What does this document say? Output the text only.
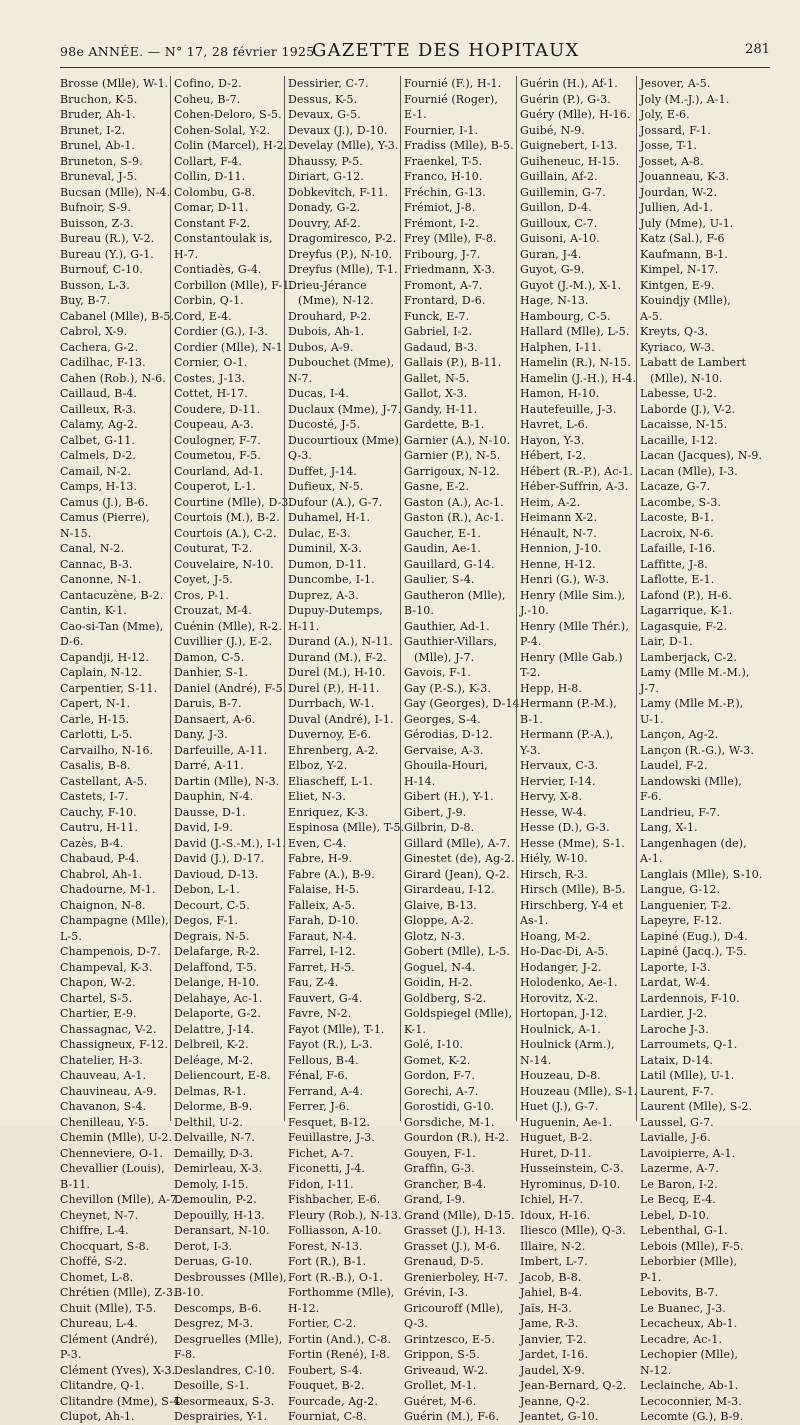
98e ANNÉE. — N° 17, 28 février 1925.
GAZETTE DES HOPITAUX	281
Brosse (Mlle), W-1.
Bruchon, K-5.
Bruder, Ah-1.
Brunet, I-2.
Brunel, Ab-1.
Bruneton, S-9.
Bruneval, J-5.
Bucsan (Mlle), N-4.
Bufnoir, S-9.
Buisson, Z-3.
Bureau (R.), V-2.
Bureau (Y.), G-1.
Burnouf, C-10.
Busson, L-3.
Buy, B-7.
Cabanel (Mlle), B-5.
Cabrol, X-9.
Cachera, G-2.
Cadilhac, F-13.
Cahen (Rob.), N-6.
Caillaud, B-4.
Cailleux, R-3.
Calamy, Ag-2.
Calbet, G-11.
Calmels, D-2.
Camail, N-2.
Camps, H-13.
Camus (J.), B-6.
Camus (Pierre),
N-15.
Canal, N-2.
Cannac, B-3.
Canonne, N-1.
Cantacuzène, B-2.
Cantin, K-1.
Cao-si-Tan (Mme),
D-6.
Capandji, H-12.
Caplain, N-12.
Carpentier, S-11.
Capert, N-1.
Carle, H-15.
Carlotti, L-5.
Carvailho, N-16.
Casalis, B-8.
Castellant, A-5.
Castets, I-7.
Cauchy, F-10.
Cautru, H-11.
Cazès, B-4.
Chabaud, P-4.
Chabrol, Ah-1.
Chadourne, M-1.
Chaignon, N-8.
Champagne (Mlle),
L-5.
Champenois, D-7.
Champeval, K-3.
Chapon, W-2.
Chartel, S-5.
Chartier, E-9.
Chassagnac, V-2.
Chassigneux, F-12.
Chatelier, H-3.
Chauveau, A-1.
Chauvineau, A-9.
Chavanon, S-4.
Chenilleau, Y-5.
Chemin (Mlle), U-2.
Chenneviere, O-1.
Chevallier (Louis),
B-11.
Chevillon (Mlle), A-7.
Cheynet, N-7.
Chiffre, L-4.
Chocquart, S-8.
Choffé, S-2.
Chomet, L-8.
Chrétien (Mlle), Z-3.
Chuit (Mlle), T-5.
Chureau, L-4.
Clément (André),
P-3.
Clément (Yves), X-3.
Clitandre, Q-1.
Clitandre (Mme), S-4.
Clupot, Ah-1.
Cofino, D-2.
Coheu, B-7.
Cohen-Deloro, S-5.
Cohen-Solal, Y-2.
Colin (Marcel), H-2.
Collart, F-4.
Collin, D-11.
Colombu, G-8.
Comar, D-11.
Constant F-2.
Constantoulak is,
H-7.
Contiadès, G-4.
Corbillon (Mlle), F-1.
Corbin, Q-1.
Cord, E-4.
Cordier (G.), I-3.
Cordier (Mlle), N-1.
Cornier, O-1.
Costes, J-13.
Cottet, H-17.
Coudere, D-11.
Coupeau, A-3.
Coulogner, F-7.
Coumetou, F-5.
Courland, Ad-1.
Couperot, L-1.
Courtine (Mlle), D-3.
Courtois (M.), B-2.
Courtois (A.), C-2.
Couturat, T-2.
Couvelaire, N-10.
Coyet, J-5.
Cros, P-1.
Crouzat, M-4.
Cuénin (Mlle), R-2.
Cuvillier (J.), E-2.
Damon, C-5.
Danhier, S-1.
Daniel (André), F-5.
Daruis, B-7.
Dansaert, A-6.
Dany, J-3.
Darfeuille, A-11.
Darré, A-11.
Dartin (Mlle), N-3.
Dauphin, N-4.
Dausse, D-1.
David, I-9.
David (J.-S.-M.), I-1.
David (J.), D-17.
Davioud, D-13.
Debon, L-1.
Decourt, C-5.
Degos, F-1.
Degrais, N-5.
Delafarge, R-2.
Delaffond, T-5.
Delange, H-10.
Delahaye, Ac-1.
Delaporte, G-2.
Delattre, J-14.
Delbreil, K-2.
Deléage, M-2.
Deliencourt, E-8.
Delmas, R-1.
Delorme, B-9.
Delthil, U-2.
Delvaille, N-7.
Demailly, D-3.
Demirleau, X-3.
Demoly, I-15.
Demoulin, P-2.
Depouilly, H-13.
Deransart, N-10.
Derot, I-3.
Deruas, G-10.
Desbrousses (Mlle),
B-10.
Descomps, B-6.
Desgrez, M-3.
Desgruelles (Mlle),
F-8.
Deslandres, C-10.
Desoille, S-1.
Desormeaux, S-3.
Desprairies, Y-1.
Dessirier, C-7.
Dessus, K-5.
Devaux, G-5.
Devaux (J.), D-10.
Develay (Mlle), Y-3.
Dhaussy, P-5.
Diriart, G-12.
Dobkevitch, F-11.
Donady, G-2.
Douvry, Af-2.
Dragomiresco, P-2.
Dreyfus (P.), N-10.
Dreyfus (Mlle), T-1.
Drieu-Jérance
(Mme), N-12.
Drouhard, P-2.
Dubois, Ah-1.
Dubos, A-9.
Dubouchet (Mme),
N-7.
Ducas, I-4.
Duclaux (Mme), J-7.
Ducosté, J-5.
Ducourtioux (Mme),
Q-3.
Duffet, J-14.
Dufieux, N-5.
Dufour (A.), G-7.
Duhamel, H-1.
Dulac, E-3.
Duminil, X-3.
Dumon, D-11.
Duncombe, I-1.
Duprez, A-3.
Dupuy-Dutemps,
H-11.
Durand (A.), N-11.
Durand (M.), F-2.
Durel (M.), H-10.
Durel (P.), H-11.
Durrbach, W-1.
Duval (André), I-1.
Duvernoy, E-6.
Ehrenberg, A-2.
Elboz, Y-2.
Eliascheff, L-1.
Eliet, N-3.
Enriquez, K-3.
Espinosa (Mlle), T-5.
Even, C-4.
Fabre, H-9.
Fabre (A.), B-9.
Falaise, H-5.
Falleix, A-5.
Farah, D-10.
Faraut, N-4.
Farrel, I-12.
Farret, H-5.
Fau, Z-4.
Fauvert, G-4.
Favre, N-2.
Fayot (Mlle), T-1.
Fayot (R.), L-3.
Fellous, B-4.
Fénal, F-6.
Ferrand, A-4.
Ferrer, J-6.
Fesquet, B-12.
Feuillastre, J-3.
Fichet, A-7.
Ficonetti, J-4.
Fidon, I-11.
Fishbacher, E-6.
Fleury (Rob.), N-13.
Folliasson, A-10.
Forest, N-13.
Fort (R.), B-1.
Fort (R.-B.), O-1.
Forthomme (Mlle),
H-12.
Fortier, C-2.
Fortin (And.), C-8.
Fortin (René), I-8.
Foubert, S-4.
Fouquet, B-2.
Fourcade, Ag-2.
Fourniat, C-8.
Fournié (F.), H-1.
Fournié (Roger),
E-1.
Fournier, I-1.
Fradiss (Mlle), B-5.
Fraenkel, T-5.
Franco, H-10.
Fréchin, G-13.
Frémiot, J-8.
Frémont, I-2.
Frey (Mlle), F-8.
Fribourg, J-7.
Friedmann, X-3.
Fromont, A-7.
Frontard, D-6.
Funck, E-7.
Gabriel, I-2.
Gadaud, B-3.
Gallais (P.), B-11.
Gallet, N-5.
Gallot, X-3.
Gandy, H-11.
Gardette, B-1.
Garnier (A.), N-10.
Garnier (P.), N-5.
Garrigoux, N-12.
Gasne, E-2.
Gaston (A.), Ac-1.
Gaston (R.), Ac-1.
Gaucher, E-1.
Gaudin, Ae-1.
Gauillard, G-14.
Gaulier, S-4.
Gautheron (Mlle),
B-10.
Gauthier, Ad-1.
Gauthier-Villars,
(Mlle), J-7.
Gavois, F-1.
Gay (P.-S.), K-3.
Gay (Georges), D-14.
Georges, S-4.
Gérodias, D-12.
Gervaise, A-3.
Ghouila-Houri,
H-14.
Gibert (H.), Y-1.
Gibert, J-9.
Gilbrin, D-8.
Gillard (Mlle), A-7.
Ginestet (de), Ag-2.
Girard (Jean), Q-2.
Girardeau, I-12.
Glaive, B-13.
Gloppe, A-2.
Glotz, N-3.
Gobert (Mlle), L-5.
Goguel, N-4.
Goidin, H-2.
Goldberg, S-2.
Goldspiegel (Mlle),
K-1.
Golé, I-10.
Gomet, K-2.
Gordon, F-7.
Gorechi, A-7.
Gorostidi, G-10.
Gorsdiche, M-1.
Gourdon (R.), H-2.
Gouyen, F-1.
Graffin, G-3.
Grancher, B-4.
Grand, I-9.
Grand (Mlle), D-15.
Grasset (J.), H-13.
Grasset (J.), M-6.
Grenaud, D-5.
Grenierboley, H-7.
Grévin, I-3.
Gricouroff (Mlle),
Q-3.
Grintzesco, E-5.
Grippon, S-5.
Griveaud, W-2.
Grollet, M-1.
Guéret, M-6.
Guérin (M.), F-6.
Guérin (H.), Af-1.
Guérin (P.), G-3.
Guéry (Mlle), H-16.
Guibé, N-9.
Guignebert, I-13.
Guiheneuc, H-15.
Guillain, Af-2.
Guillemin, G-7.
Guillon, D-4.
Guilloux, C-7.
Guisoni, A-10.
Guran, J-4.
Guyot, G-9.
Guyot (J.-M.), X-1.
Hage, N-13.
Hambourg, C-5.
Hallard (Mlle), L-5.
Halphen, I-11.
Hamelin (R.), N-15.
Hamelin (J.-H.), H-4.
Hamon, H-10.
Hautefeuille, J-3.
Havret, L-6.
Hayon, Y-3.
Hébert, I-2.
Hébert (R.-P.), Ac-1.
Héber-Suffrin, A-3.
Heim, A-2.
Heimann X-2.
Hénault, N-7.
Hennion, J-10.
Henne, H-12.
Henri (G.), W-3.
Henry (Mlle Sim.),
J.-10.
Henry (Mlle Thér.),
P-4.
Henry (Mlle Gab.)
T-2.
Hepp, H-8.
Hermann (P.-M.),
B-1.
Hermann (P.-A.),
Y-3.
Hervaux, C-3.
Hervier, I-14.
Hervy, X-8.
Hesse, W-4.
Hesse (D.), G-3.
Hesse (Mme), S-1.
Hiély, W-10.
Hirsch, R-3.
Hirsch (Mlle), B-5.
Hirschberg, Y-4 et
As-1.
Hoang, M-2.
Ho-Dac-Di, A-5.
Hodanger, J-2.
Holodenko, Ae-1.
Horovitz, X-2.
Hortopan, J-12.
Houlnick, A-1.
Houlnick (Arm.),
N-14.
Houzeau, D-8.
Houzeau (Mlle), S-1.
Huet (J.), G-7.
Huguenin, Ae-1.
Huguet, B-2.
Huret, D-11.
Husseinstein, C-3.
Hyrominus, D-10.
Ichiel, H-7.
Idoux, H-16.
Iliesco (Mlle), Q-3.
Illaire, N-2.
Imbert, L-7.
Jacob, B-8.
Jahiel, B-4.
Jaïs, H-3.
Jame, R-3.
Janvier, T-2.
Jardet, I-16.
Jaudel, X-9.
Jean-Bernard, Q-2.
Jeanne, Q-2.
Jeantet, G-10.
Jesover, A-5.
Joly (M.-J.), A-1.
Joly, E-6.
Jossard, F-1.
Josse, T-1.
Josset, A-8.
Jouanneau, K-3.
Jourdan, W-2.
Jullien, Ad-1.
July (Mme), U-1.
Katz (Sal.), F-6
Kaufmann, B-1.
Kimpel, N-17.
Kintgen, E-9.
Kouindjy (Mlle),
A-5.
Kreyts, Q-3.
Kyriaco, W-3.
Labatt de Lambert
(Mlle), N-10.
Labesse, U-2.
Laborde (J.), V-2.
Lacaisse, N-15.
Lacaille, I-12.
Lacan (Jacques), N-9.
Lacan (Mlle), I-3.
Lacaze, G-7.
Lacombe, S-3.
Lacoste, B-1.
Lacroix, N-6.
Lafaille, I-16.
Laffitte, J-8.
Laflotte, E-1.
Lafond (P.), H-6.
Lagarrique, K-1.
Lagasquie, F-2.
Lair, D-1.
Lamberjack, C-2.
Lamy (Mlle M.-M.),
J-7.
Lamy (Mlle M.-P.),
U-1.
Lançon, Ag-2.
Lançon (R.-G.), W-3.
Laudel, F-2.
Landowski (Mlle),
F-6.
Landrieu, F-7.
Lang, X-1.
Langenhagen (de),
A-1.
Langlais (Mlle), S-10.
Langue, G-12.
Languenier, T-2.
Lapeyre, F-12.
Lapiné (Eug.), D-4.
Lapiné (Jacq.), T-5.
Laporte, I-3.
Lardat, W-4.
Lardennois, F-10.
Lardier, J-2.
Laroche J-3.
Larroumets, Q-1.
Lataix, D-14.
Latil (Mlle), U-1.
Laurent, F-7.
Laurent (Mlle), S-2.
Laussel, G-7.
Lavialle, J-6.
Lavoipierre, A-1.
Lazerme, A-7.
Le Baron, I-2.
Le Becq, E-4.
Lebel, D-10.
Lebenthal, G-1.
Lebois (Mlle), F-5.
Leborbier (Mlle),
P-1.
Lebovits, B-7.
Le Buanec, J-3.
Lecacheux, Ab-1.
Lecadre, Ac-1.
Lechopier (Mlle),
N-12.
Leclainche, Ab-1.
Lecoconnier, M-3.
Lecomte (G.), B-9.
